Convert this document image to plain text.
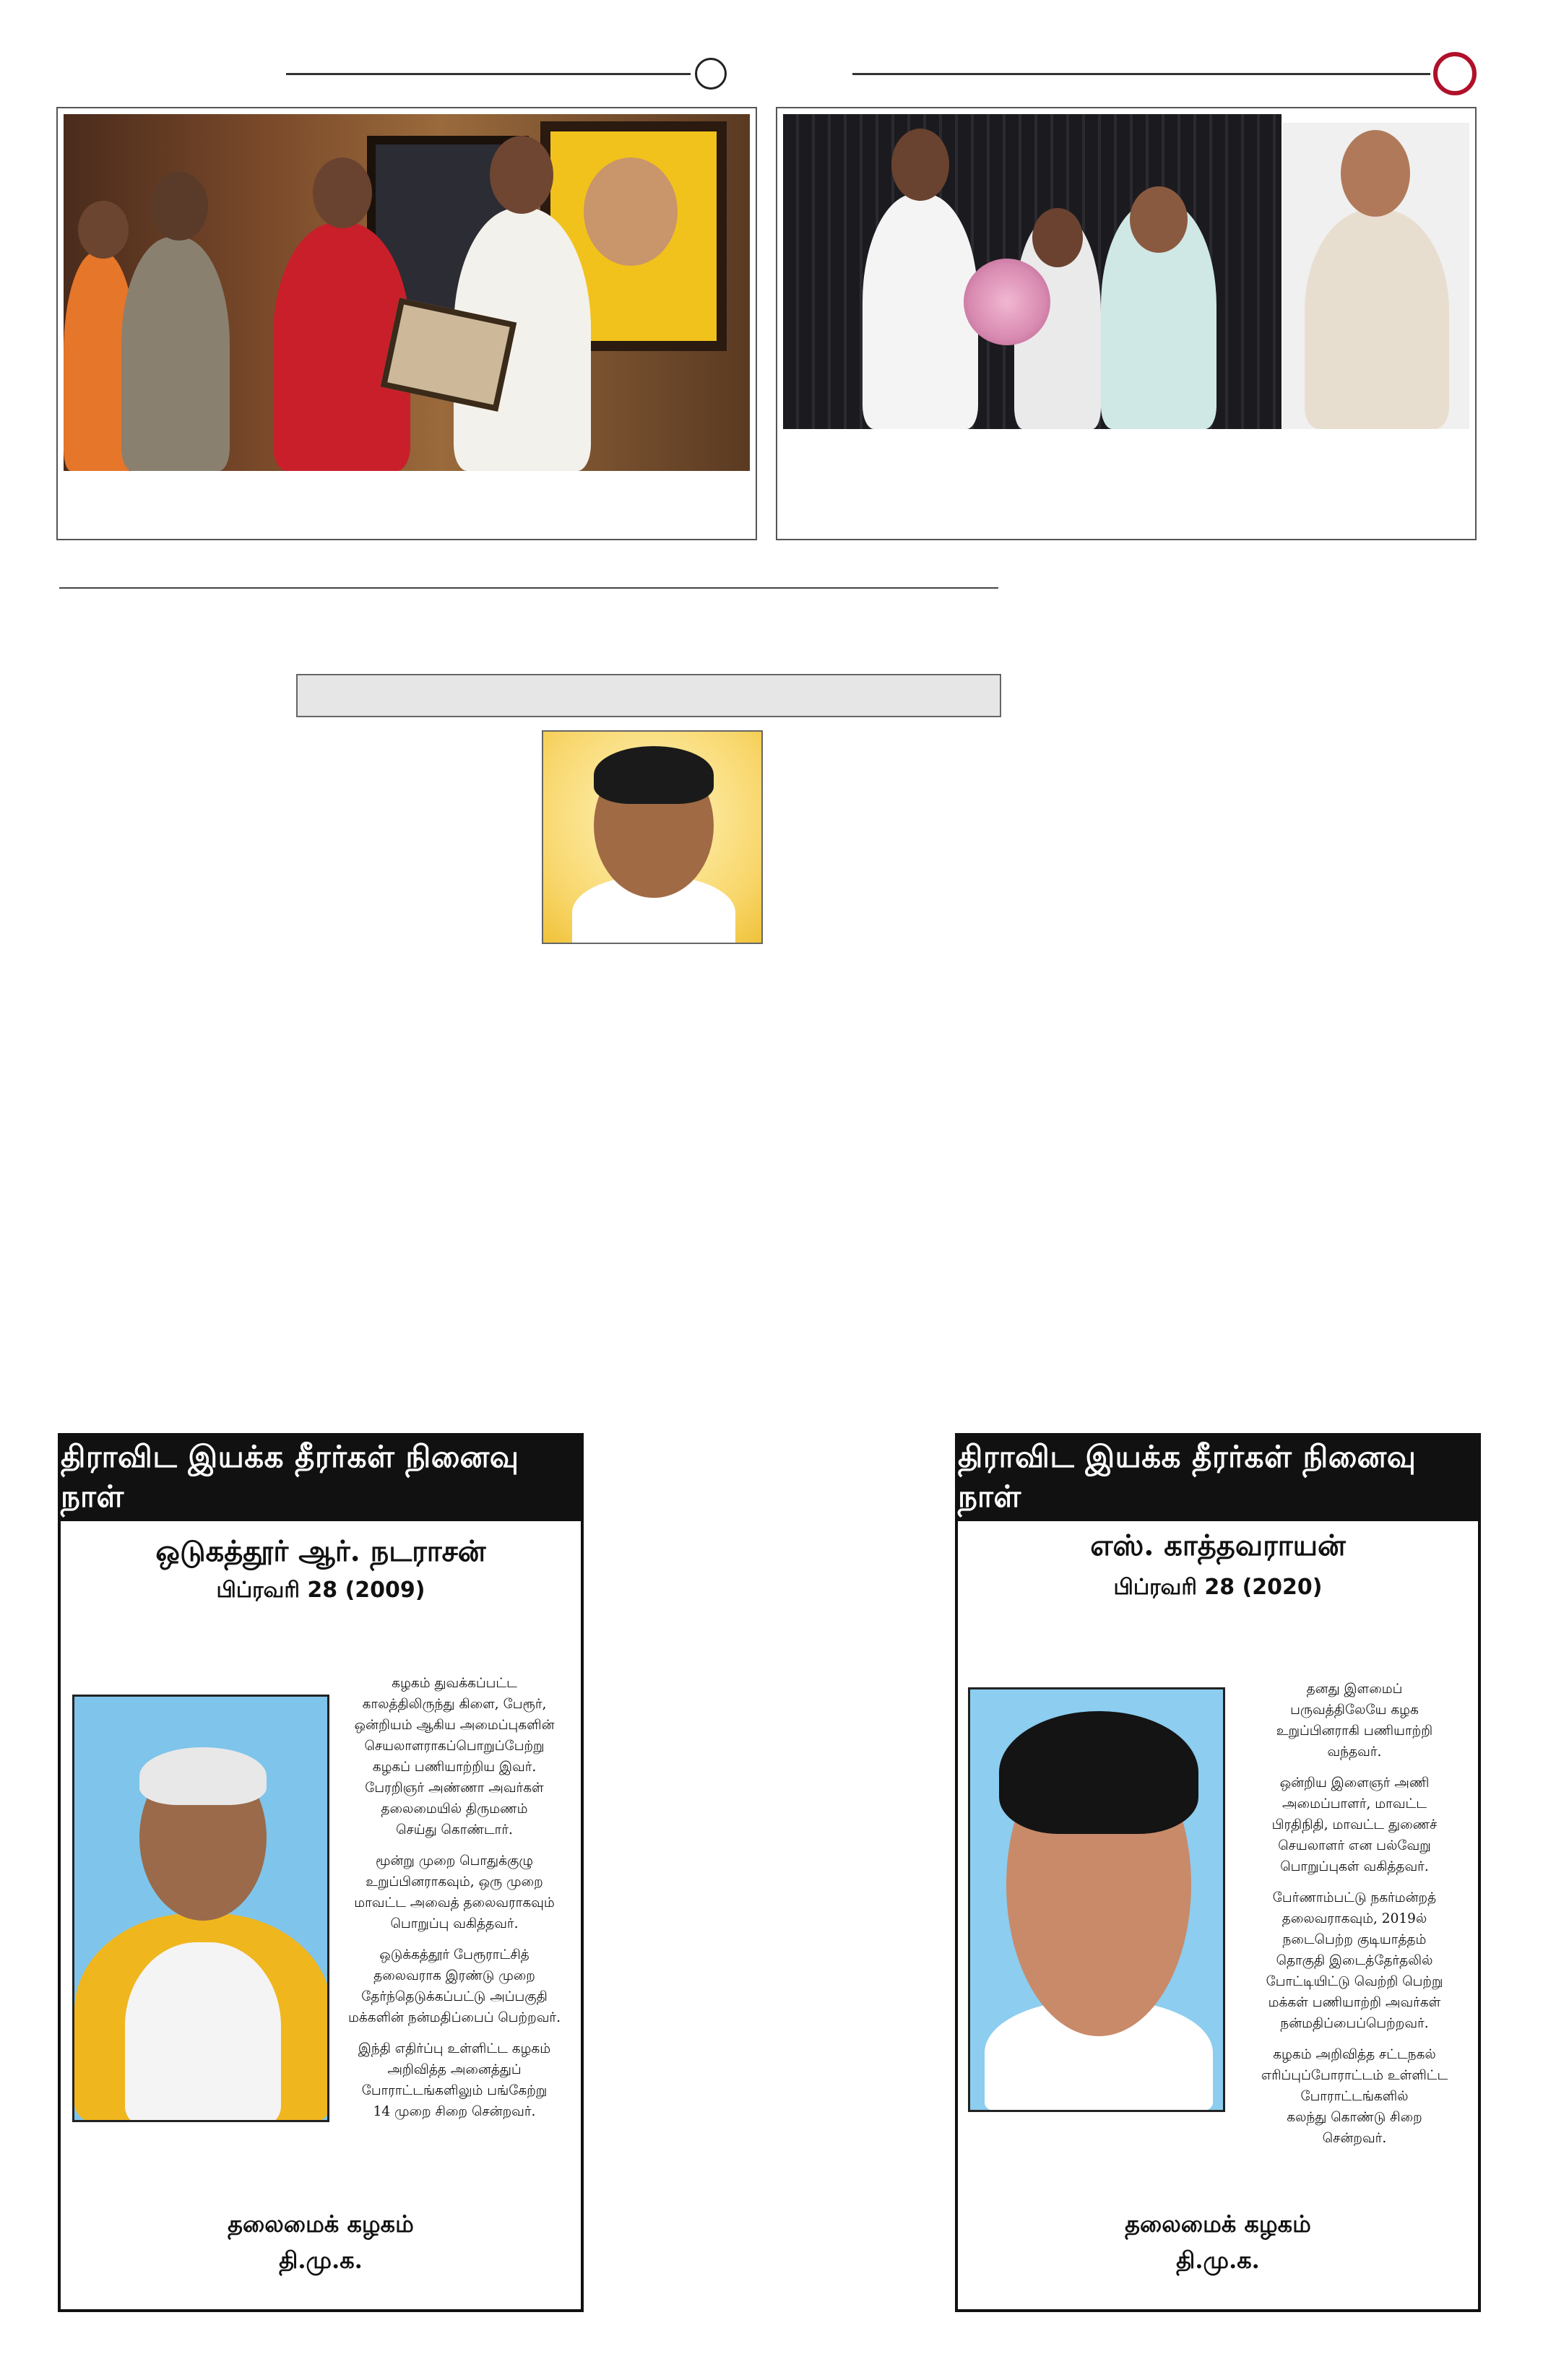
திராவிட இயக்க தீரர்கள் நினைவு நாள்
ஒடுகத்தூர் ஆர். நடராசன்
பிப்ரவரி 28 (2009)

கழகம் துவக்கப்பட்ட
காலத்திலிருந்து கிளை, பேரூர்,
ஒன்றியம் ஆகிய அமைப்புகளின்
செயலாளராகப்பொறுப்பேற்று
கழகப் பணியாற்றிய இவர்.
பேரறிஞர் அண்ணா அவர்கள்
தலைமையில் திருமணம்
செய்து கொண்டார்.

மூன்று முறை பொதுக்குழு
உறுப்பினராகவும், ஒரு முறை
மாவட்ட அவைத் தலைவராகவும்
பொறுப்பு வகித்தவர்.

ஒடுக்கத்தூர் பேரூராட்சித்
தலைவராக இரண்டு முறை
தேர்ந்தெடுக்கப்பட்டு அப்பகுதி
மக்களின் நன்மதிப்பைப் பெற்றவர்.

இந்தி எதிர்ப்பு உள்ளிட்ட கழகம்
அறிவித்த அனைத்துப்
போராட்டங்களிலும் பங்கேற்று
14 முறை சிறை சென்றவர்.

தலைமைக் கழகம்
தி.மு.க.
திராவிட இயக்க தீரர்கள் நினைவு நாள்
எஸ். காத்தவராயன்
பிப்ரவரி 28 (2020)

தனது இளமைப்
பருவத்திலேயே கழக
உறுப்பினராகி பணியாற்றி
வந்தவர்.

ஒன்றிய இளைஞர் அணி
அமைப்பாளர், மாவட்ட
பிரதிநிதி, மாவட்ட துணைச்
செயலாளர் என பல்வேறு
பொறுப்புகள் வகித்தவர்.

பேர்ணாம்பட்டு நகர்மன்றத்
தலைவராகவும், 2019ல்
நடைபெற்ற குடியாத்தம்
தொகுதி இடைத்தேர்தலில்
போட்டியிட்டு வெற்றி பெற்று
மக்கள் பணியாற்றி அவர்கள்
நன்மதிப்பைப்பெற்றவர்.

கழகம் அறிவித்த சட்டநகல்
எரிப்புப்போராட்டம் உள்ளிட்ட
போராட்டங்களில்
கலந்து கொண்டு சிறை
சென்றவர்.

தலைமைக் கழகம்
தி.மு.க.
